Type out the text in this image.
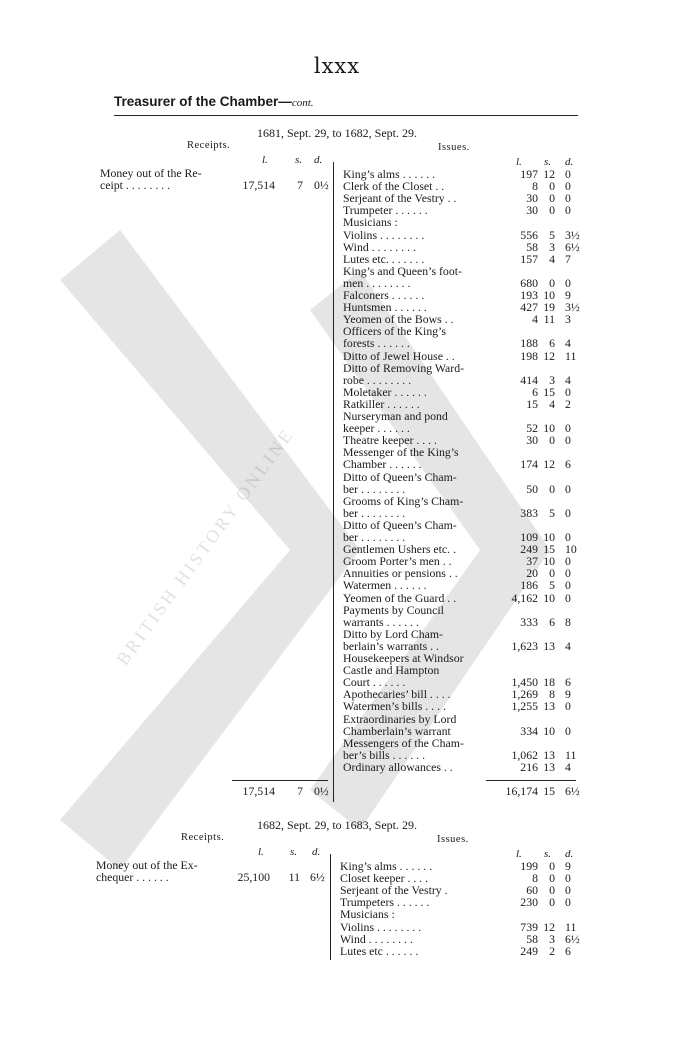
BRITISH HISTORY ONLINE
lxxx
Treasurer of the Chamber—cont.
1681, Sept. 29, to 1682, Sept. 29.
Receipts.	Issues.
l.	l.
s.	s.
d.	d.
Money out of the Re-
ceipt . . . . . . . .	17,514	7 0½
King’s alms . . . . . .	197 12 0
Clerk of the Closet . .	8 0 0
Serjeant of the Vestry . .	30 0 0
Trumpeter . . . . . .	30 0 0
Musicians :
Violins . . . . . . . .	556 5 3½
Wind . . . . . . . .	58 3 6½
Lutes etc. . . . . . .	157 4 7
King’s and Queen’s foot-
men . . . . . . . .	680 0 0
Falconers . . . . . .	193 10 9
Huntsmen . . . . . .	427 19 3½
Yeomen of the Bows . .	4 11 3
Officers of the King’s
forests . . . . . .	188 6 4
Ditto of Jewel House . .	198 12 11
Ditto of Removing Ward-
robe . . . . . . . .	414 3 4
Moletaker . . . . . .	6 15 0
Ratkiller . . . . . .	15 4 2
Nurseryman and pond
keeper . . . . . .	52 10 0
Theatre keeper . . . .	30 0 0
Messenger of the King’s
Chamber . . . . . .	174 12 6
Ditto of Queen’s Cham-
ber . . . . . . . .	50 0 0
Grooms of King’s Cham-
ber . . . . . . . .	383 5 0
Ditto of Queen’s Cham-
ber . . . . . . . .	109 10 0
Gentlemen Ushers etc. .	249 15 10
Groom Porter’s men . .	37 10 0
Annuities or pensions . .	20 0 0
Watermen . . . . . .	186 5 0
Yeomen of the Guard . .	4,162 10 0
Payments by Council
warrants . . . . . .	333 6 8
Ditto by Lord Cham-
berlain’s warrants . .	1,623 13 4
Housekeepers at Windsor
Castle and Hampton
Court . . . . . .	1,450 18 6
Apothecaries’ bill . . . .	1,269 8 9
Watermen’s bills . . . .	1,255 13 0
Extraordinaries by Lord
Chamberlain’s warrant	334 10 0
Messengers of the Cham-
ber’s bills . . . . . .	1,062 13 11
Ordinary allowances . .	216 13 4
17,514	7 0½	16,174 15 6½
1682, Sept. 29, to 1683, Sept. 29.
Receipts.	Issues.
l.	l.
s.	s.
d.	d.
Money out of the Ex-
chequer . . . . . .	25,100	11 6½
King’s alms . . . . . .	199 0 9
Closet keeper . . . .	8 0 0
Serjeant of the Vestry .	60 0 0
Trumpeters . . . . . .	230 0 0
Musicians :
Violins . . . . . . . .	739 12 11
Wind . . . . . . . .	58 3 6½
Lutes etc . . . . . .	249 2 6
